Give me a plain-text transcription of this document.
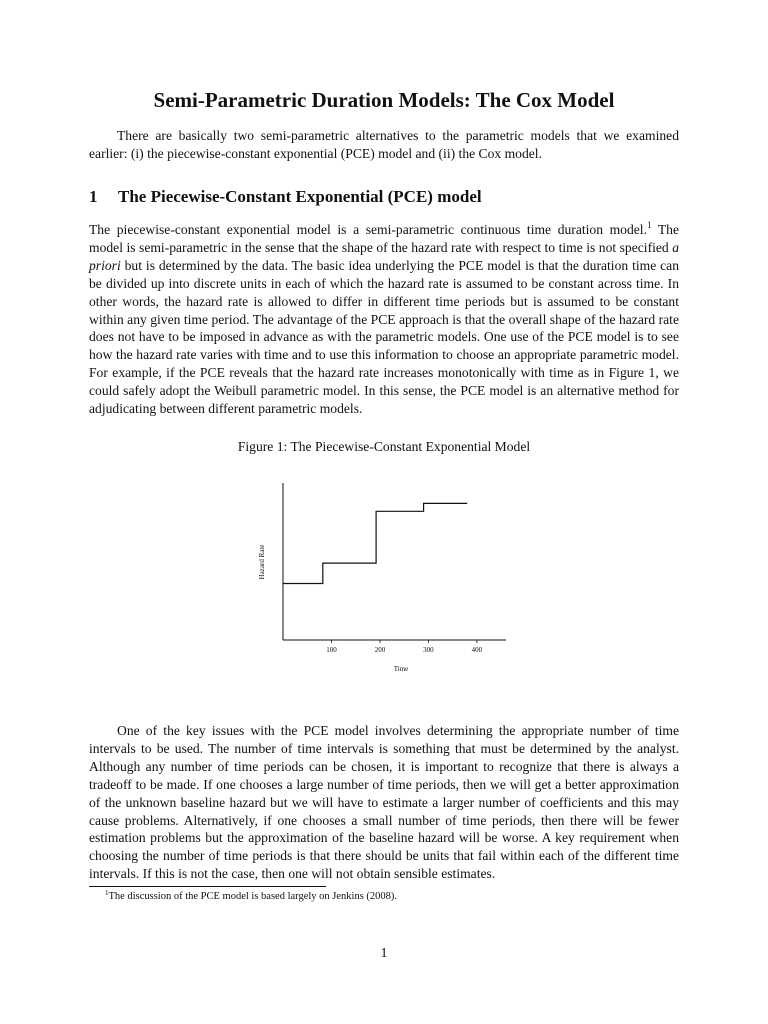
Semi-Parametric Duration Models: The Cox Model

There are basically two semi-parametric alternatives to the parametric models that we examined earlier: (i) the piecewise-constant exponential (PCE) model and (ii) the Cox model.

1 The Piecewise-Constant Exponential (PCE) model

The piecewise-constant exponential model is a semi-parametric continuous time duration model.$^1$ The model is semi-parametric in the sense that the shape of the hazard rate with respect to time is not specified a priori but is determined by the data. The basic idea underlying the PCE model is that the duration time can be divided up into discrete units in each of which the hazard rate is assumed to be constant across time. In other words, the hazard rate is allowed to differ in different time periods but is assumed to be constant within any given time period. The advantage of the PCE approach is that the overall shape of the hazard rate does not have to be imposed in advance as with the parametric models. One use of the PCE model is to see how the hazard rate varies with time and to use this information to choose an appropriate parametric model. For example, if the PCE reveals that the hazard rate increases monotonically with time as in Figure 1, we could safely adopt the Weibull parametric model. In this sense, the PCE model is an alternative method for adjudicating between different parametric models.

Figure 1: The Piecewise-Constant Exponential Model

100	200	300	400
Hazard Rate
Time

One of the key issues with the PCE model involves determining the appropriate number of time intervals to be used. The number of time intervals is something that must be determined by the analyst. Although any number of time periods can be chosen, it is important to recognize that there is always a tradeoff to be made. If one chooses a large number of time periods, then we will get a better approximation of the unknown baseline hazard but we will have to estimate a larger number of coefficients and this may cause problems. Alternatively, if one chooses a small number of time periods, then there will be fewer estimation problems but the approximation of the baseline hazard will be worse. A key requirement when choosing the number of time periods is that there should be units that fail within each of the different time intervals. If this is not the case, then one will not obtain sensible estimates.

$^1$The discussion of the PCE model is based largely on Jenkins (2008).

1
